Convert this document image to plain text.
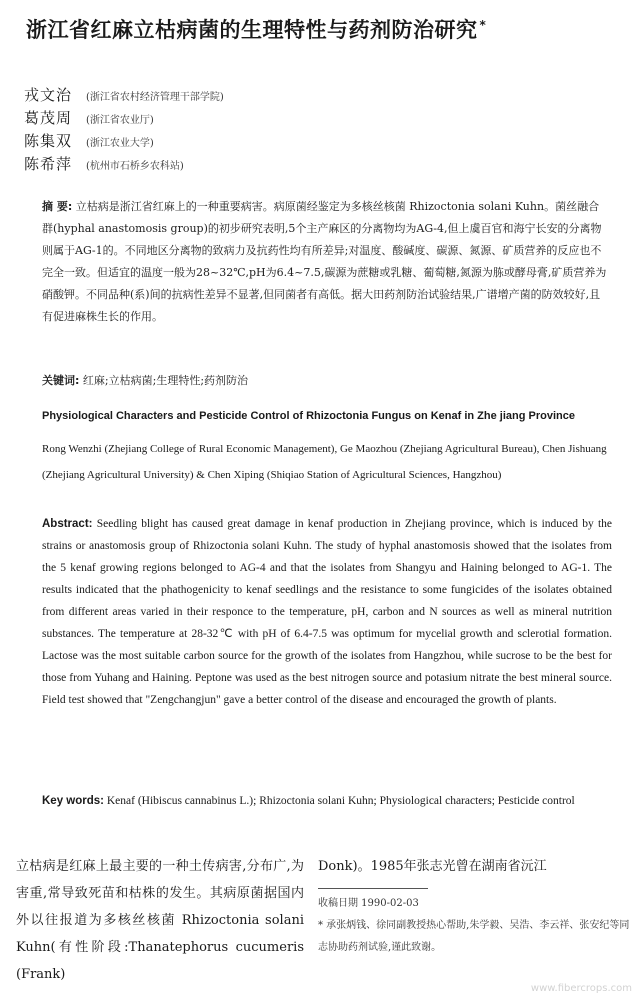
浙江省红麻立枯病菌的生理特性与药剂防治研究 *
戎文治	(浙江省农村经济管理干部学院)
葛茂周	(浙江省农业厅)
陈集双	(浙江农业大学)
陈希萍	(杭州市石桥乡农科站)
摘 要: 立枯病是浙江省红麻上的一种重要病害。病原菌经鉴定为多核丝核菌 Rhizoctonia solani Kuhn。菌丝融合群(hyphal anastomosis group)的初步研究表明,5个主产麻区的分离物均为AG-4,但上虞百官和海宁长安的分离物则属于AG-1的。不同地区分离物的致病力及抗药性均有所差异;对温度、酸碱度、碳源、氮源、矿质营养的反应也不完全一致。但适宜的温度一般为28~32℃,pH为6.4~7.5,碳源为蔗糖或乳糖、葡萄糖,氮源为胨或酵母膏,矿质营养为硝酸钾。不同品种(系)间的抗病性差异不显著,但同菌者有高低。据大田药剂防治试验结果,广谱增产菌的防效较好,且有促进麻株生长的作用。
关键词: 红麻;立枯病菌;生理特性;药剂防治
Physiological Characters and Pesticide Control of Rhizoctonia Fungus on Kenaf in Zhe jiang Province
Rong Wenzhi (Zhejiang College of Rural Economic Management), Ge Maozhou (Zhejiang Agricultural Bureau), Chen Jishuang (Zhejiang Agricultural University) & Chen Xiping (Shiqiao Station of Agricultural Sciences, Hangzhou)
Abstract: Seedling blight has caused great damage in kenaf production in Zhejiang province, which is induced by the strains or anastomosis group of Rhizoctonia solani Kuhn. The study of hyphal anastomosis showed that the isolates from the 5 kenaf growing regions belonged to AG-4 and that the isolates from Shangyu and Haining belonged to AG-1. The results indicated that the phathogenicity to kenaf seedlings and the resistance to some fungicides of the isolates obtained from different areas varied in their responce to the temperature, pH, carbon and N sources as well as mineral nutrition substances. The temperature at 28-32℃ with pH of 6.4-7.5 was optimum for mycelial growth and sclerotial formation. Lactose was the most suitable carbon source for the growth of the isolates from Hangzhou, while sucrose to be the best for those from Yuhang and Haining. Peptone was used as the best nitrogen source and potasium nitrate the best mineral source. Field test showed that "Zengchangjun" gave a better control of the disease and encouraged the growth of plants.
Key words: Kenaf (Hibiscus cannabinus L.); Rhizoctonia solani Kuhn; Physiological characters; Pesticide control
立枯病是红麻上最主要的一种土传病害,分布广,为害重,常导致死苗和枯株的发生。其病原菌据国内外以往报道为多核丝核菌 Rhizoctonia solani Kuhn(有性阶段:Thanatephorus cucumeris (Frank)
Donk)。1985年张志光曾在湖南省沅江
收稿日期 1990-02-03
* 承张炳钱、徐同副教授热心帮助,朱学毅、吴浩、李云祥、张安纪等同志协助药剂试验,谨此致谢。
www.fibercrops.com
